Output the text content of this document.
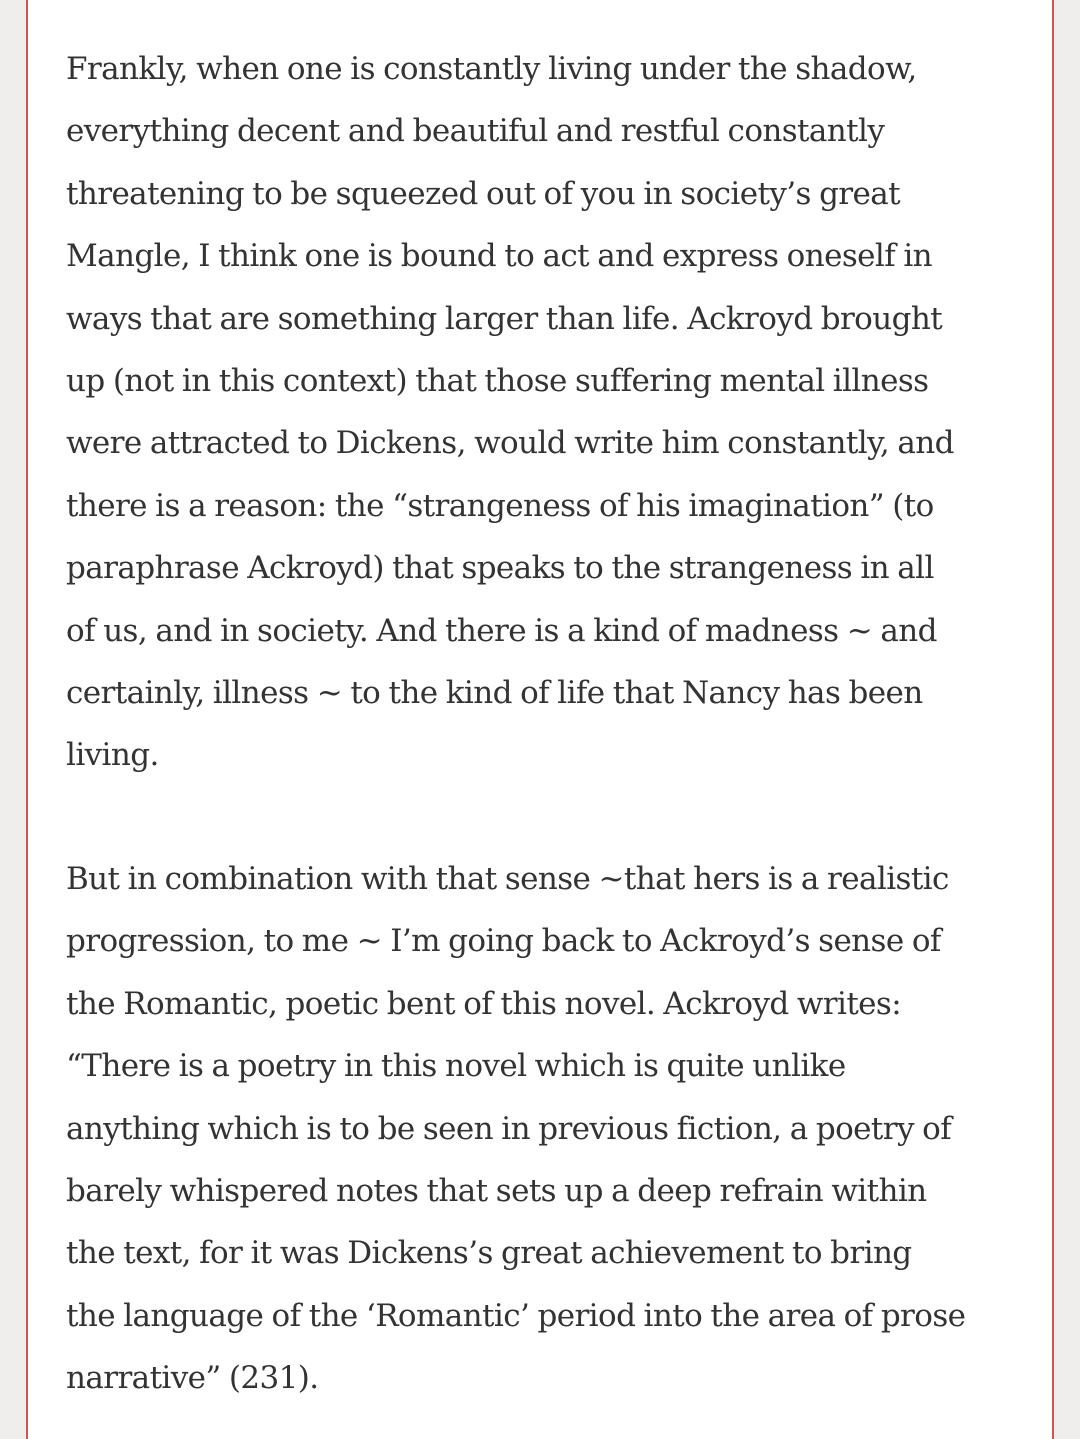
Frankly, when one is constantly living under the shadow,
everything decent and beautiful and restful constantly
threatening to be squeezed out of you in society’s great
Mangle, I think one is bound to act and express oneself in
ways that are something larger than life. Ackroyd brought
up (not in this context) that those suffering mental illness
were attracted to Dickens, would write him constantly, and
there is a reason: the “strangeness of his imagination” (to
paraphrase Ackroyd) that speaks to the strangeness in all
of us, and in society. And there is a kind of madness ~ and
certainly, illness ~ to the kind of life that Nancy has been
living.

But in combination with that sense ~that hers is a realistic
progression, to me ~ I’m going back to Ackroyd’s sense of
the Romantic, poetic bent of this novel. Ackroyd writes:
“There is a poetry in this novel which is quite unlike
anything which is to be seen in previous fiction, a poetry of
barely whispered notes that sets up a deep refrain within
the text, for it was Dickens’s great achievement to bring
the language of the ‘Romantic’ period into the area of prose
narrative” (231).
